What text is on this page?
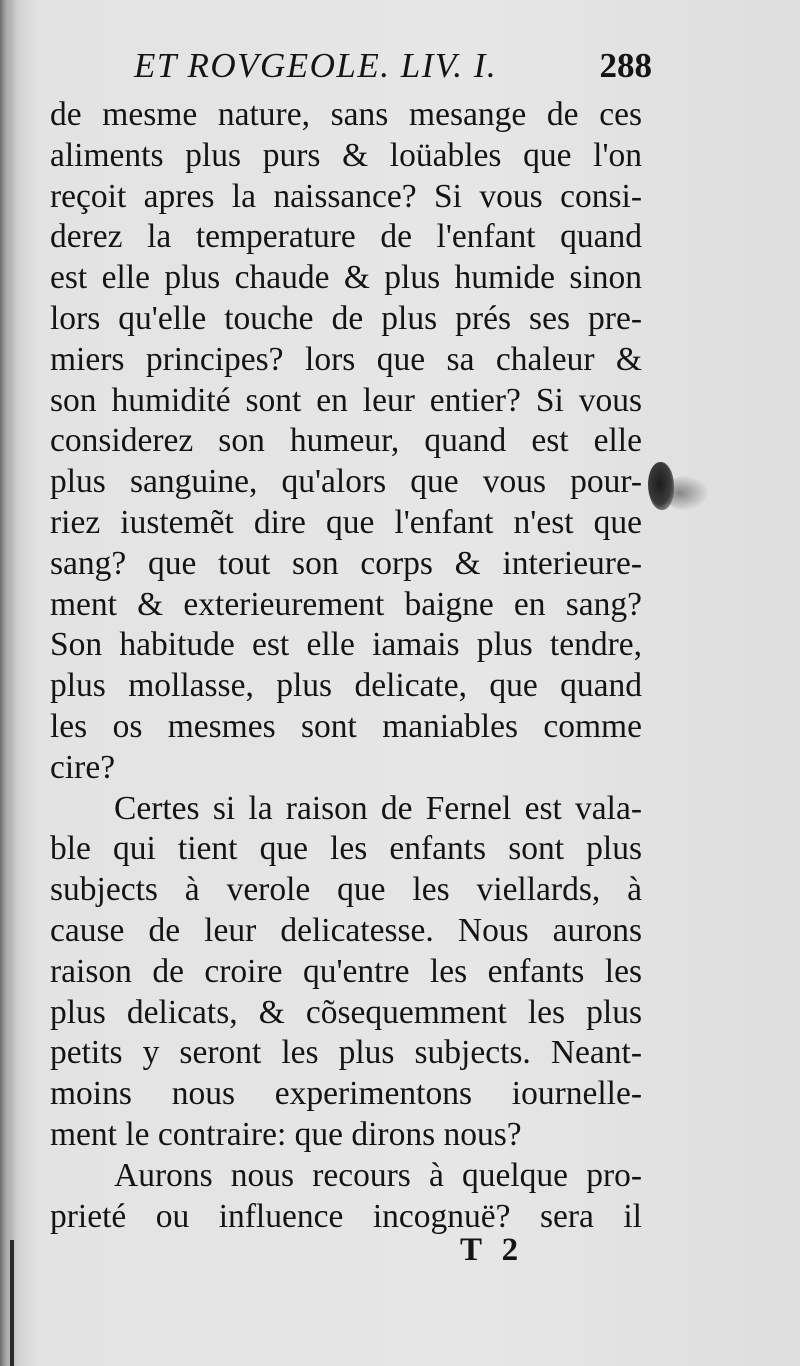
ET ROVGEOLE. LIV. I.	288
de mesme nature, sans mesange de ces
aliments plus purs & loüables que l'on
reçoit apres la naissance? Si vous consi-
derez la temperature de l'enfant quand
est elle plus chaude & plus humide sinon
lors qu'elle touche de plus prés ses pre-
miers principes? lors que sa chaleur &
son humidité sont en leur entier? Si vous
considerez son humeur, quand est elle
plus sanguine, qu'alors que vous pour-
riez iustemẽt dire que l'enfant n'est que
sang? que tout son corps & interieure-
ment & exterieurement baigne en sang?
Son habitude est elle iamais plus tendre,
plus mollasse, plus delicate, que quand
les os mesmes sont maniables comme
cire?
Certes si la raison de Fernel est vala-
ble qui tient que les enfants sont plus
subjects à verole que les viellards, à
cause de leur delicatesse. Nous aurons
raison de croire qu'entre les enfants les
plus delicats, & cõsequemment les plus
petits y seront les plus subjects. Neant-
moins nous experimentons iournelle-
ment le contraire: que dirons nous?
Aurons nous recours à quelque pro-
prieté ou influence incognuë? sera il
T 2
